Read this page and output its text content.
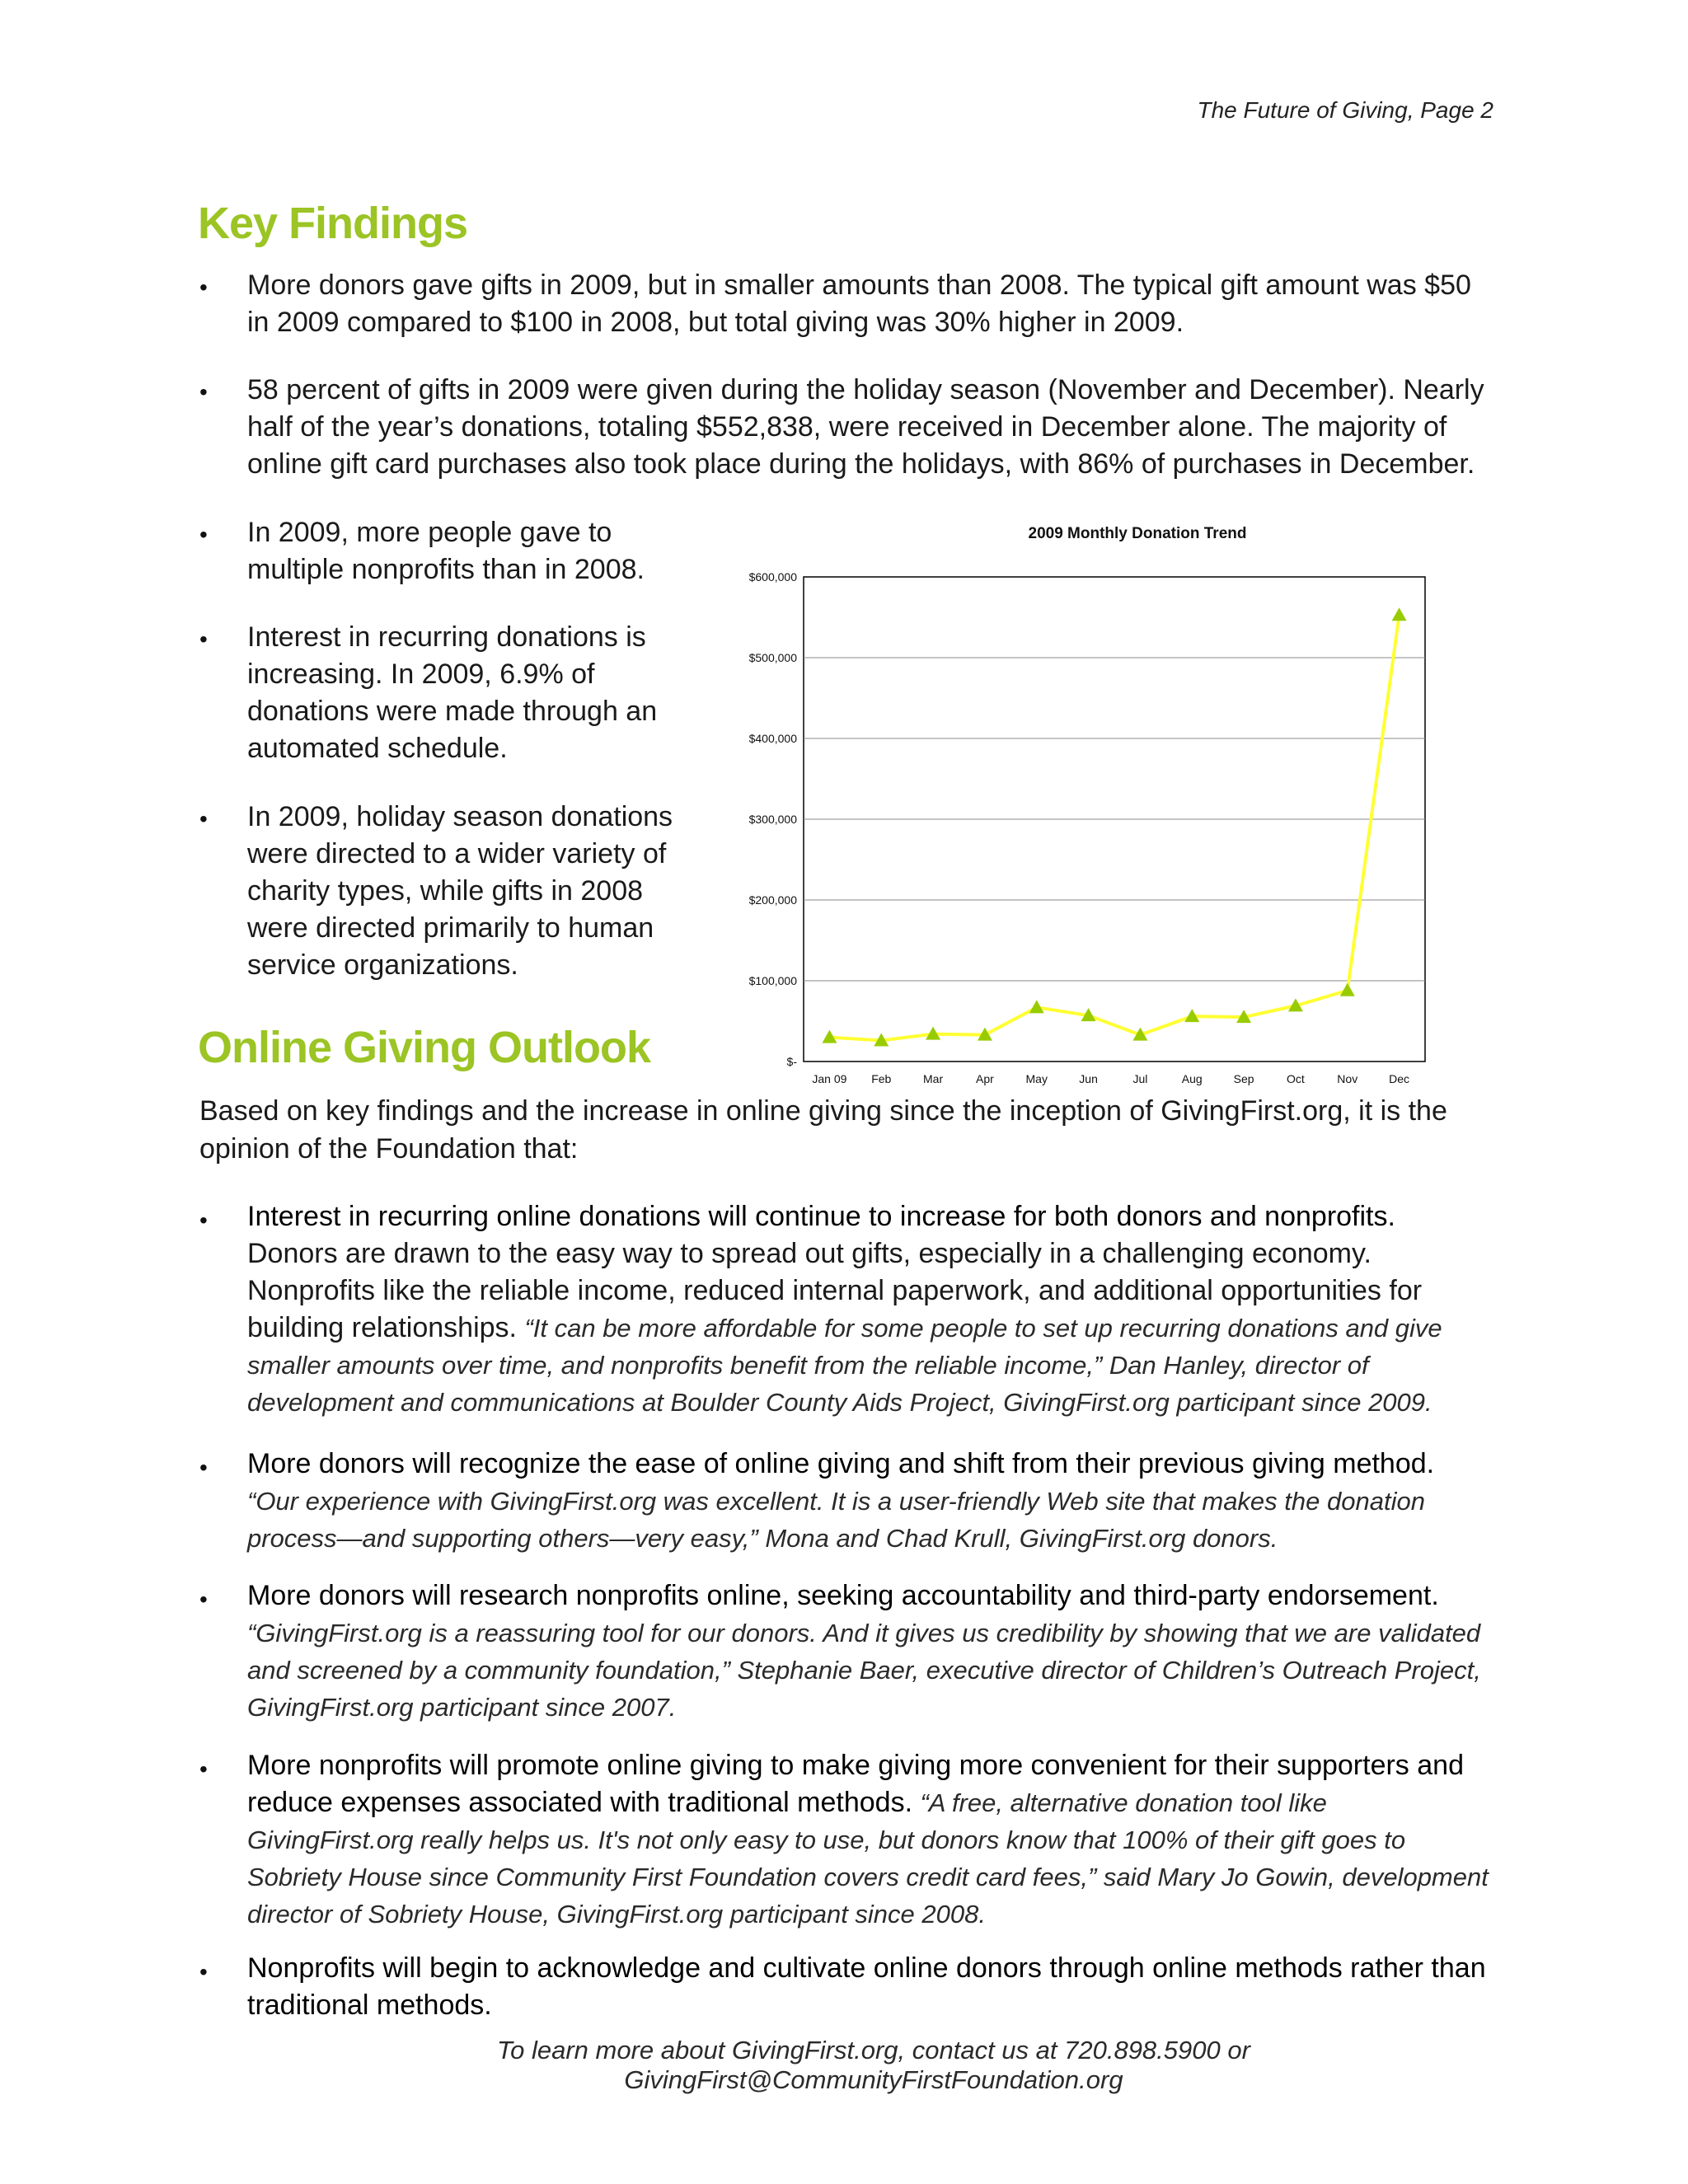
The Future of Giving, Page 2
Key Findings
• More donors gave gifts in 2009, but in smaller amounts than 2008. The typical gift amount was $50 in 2009 compared to $100 in 2008, but total giving was 30% higher in 2009.

• 58 percent of gifts in 2009 were given during the holiday season (November and December). Nearly half of the year’s donations, totaling $552,838, were received in December alone. The majority of online gift card purchases also took place during the holidays, with 86% of purchases in December.

• In 2009, more people gave to multiple nonprofits than in 2008.

• Interest in recurring donations is increasing. In 2009, 6.9% of donations were made through an automated schedule.

• In 2009, holiday season donations were directed to a wider variety of charity types, while gifts in 2008 were directed primarily to human service organizations.

2009 Monthly Donation Trend
$-
$100,000
$200,000
$300,000
$400,000
$500,000
$600,000
Jan 09 Feb	Mar	Apr	May	Jun	Jul	Aug	Sep	Oct	Nov	Dec
Online Giving Outlook

Based on key findings and the increase in online giving since the inception of GivingFirst.org, it is the opinion of the Foundation that:

• Interest in recurring online donations will continue to increase for both donors and nonprofits.
Donors are drawn to the easy way to spread out gifts, especially in a challenging economy. Nonprofits like the reliable income, reduced internal paperwork, and additional opportunities for building relationships. “It can be more affordable for some people to set up recurring donations and give smaller amounts over time, and nonprofits benefit from the reliable income,” Dan Hanley, director of development and communications at Boulder County Aids Project, GivingFirst.org participant since 2009.
• More donors will recognize the ease of online giving and shift from their previous giving method.
“Our experience with GivingFirst.org was excellent. It is a user-friendly Web site that makes the donation process—and supporting others—very easy,” Mona and Chad Krull, GivingFirst.org donors.
• More donors will research nonprofits online, seeking accountability and third-party endorsement.
“GivingFirst.org is a reassuring tool for our donors. And it gives us credibility by showing that we are validated and screened by a community foundation,” Stephanie Baer, executive director of Children’s Outreach Project, GivingFirst.org participant since 2007.
• More nonprofits will promote online giving to make giving more convenient for their supporters and reduce expenses associated with traditional methods. “A free, alternative donation tool like GivingFirst.org really helps us. It's not only easy to use, but donors know that 100% of their gift goes to Sobriety House since Community First Foundation covers credit card fees,” said Mary Jo Gowin, development director of Sobriety House, GivingFirst.org participant since 2008.
• Nonprofits will begin to acknowledge and cultivate online donors through online methods rather than traditional methods.
To learn more about GivingFirst.org, contact us at 720.898.5900 or GivingFirst@CommunityFirstFoundation.org
